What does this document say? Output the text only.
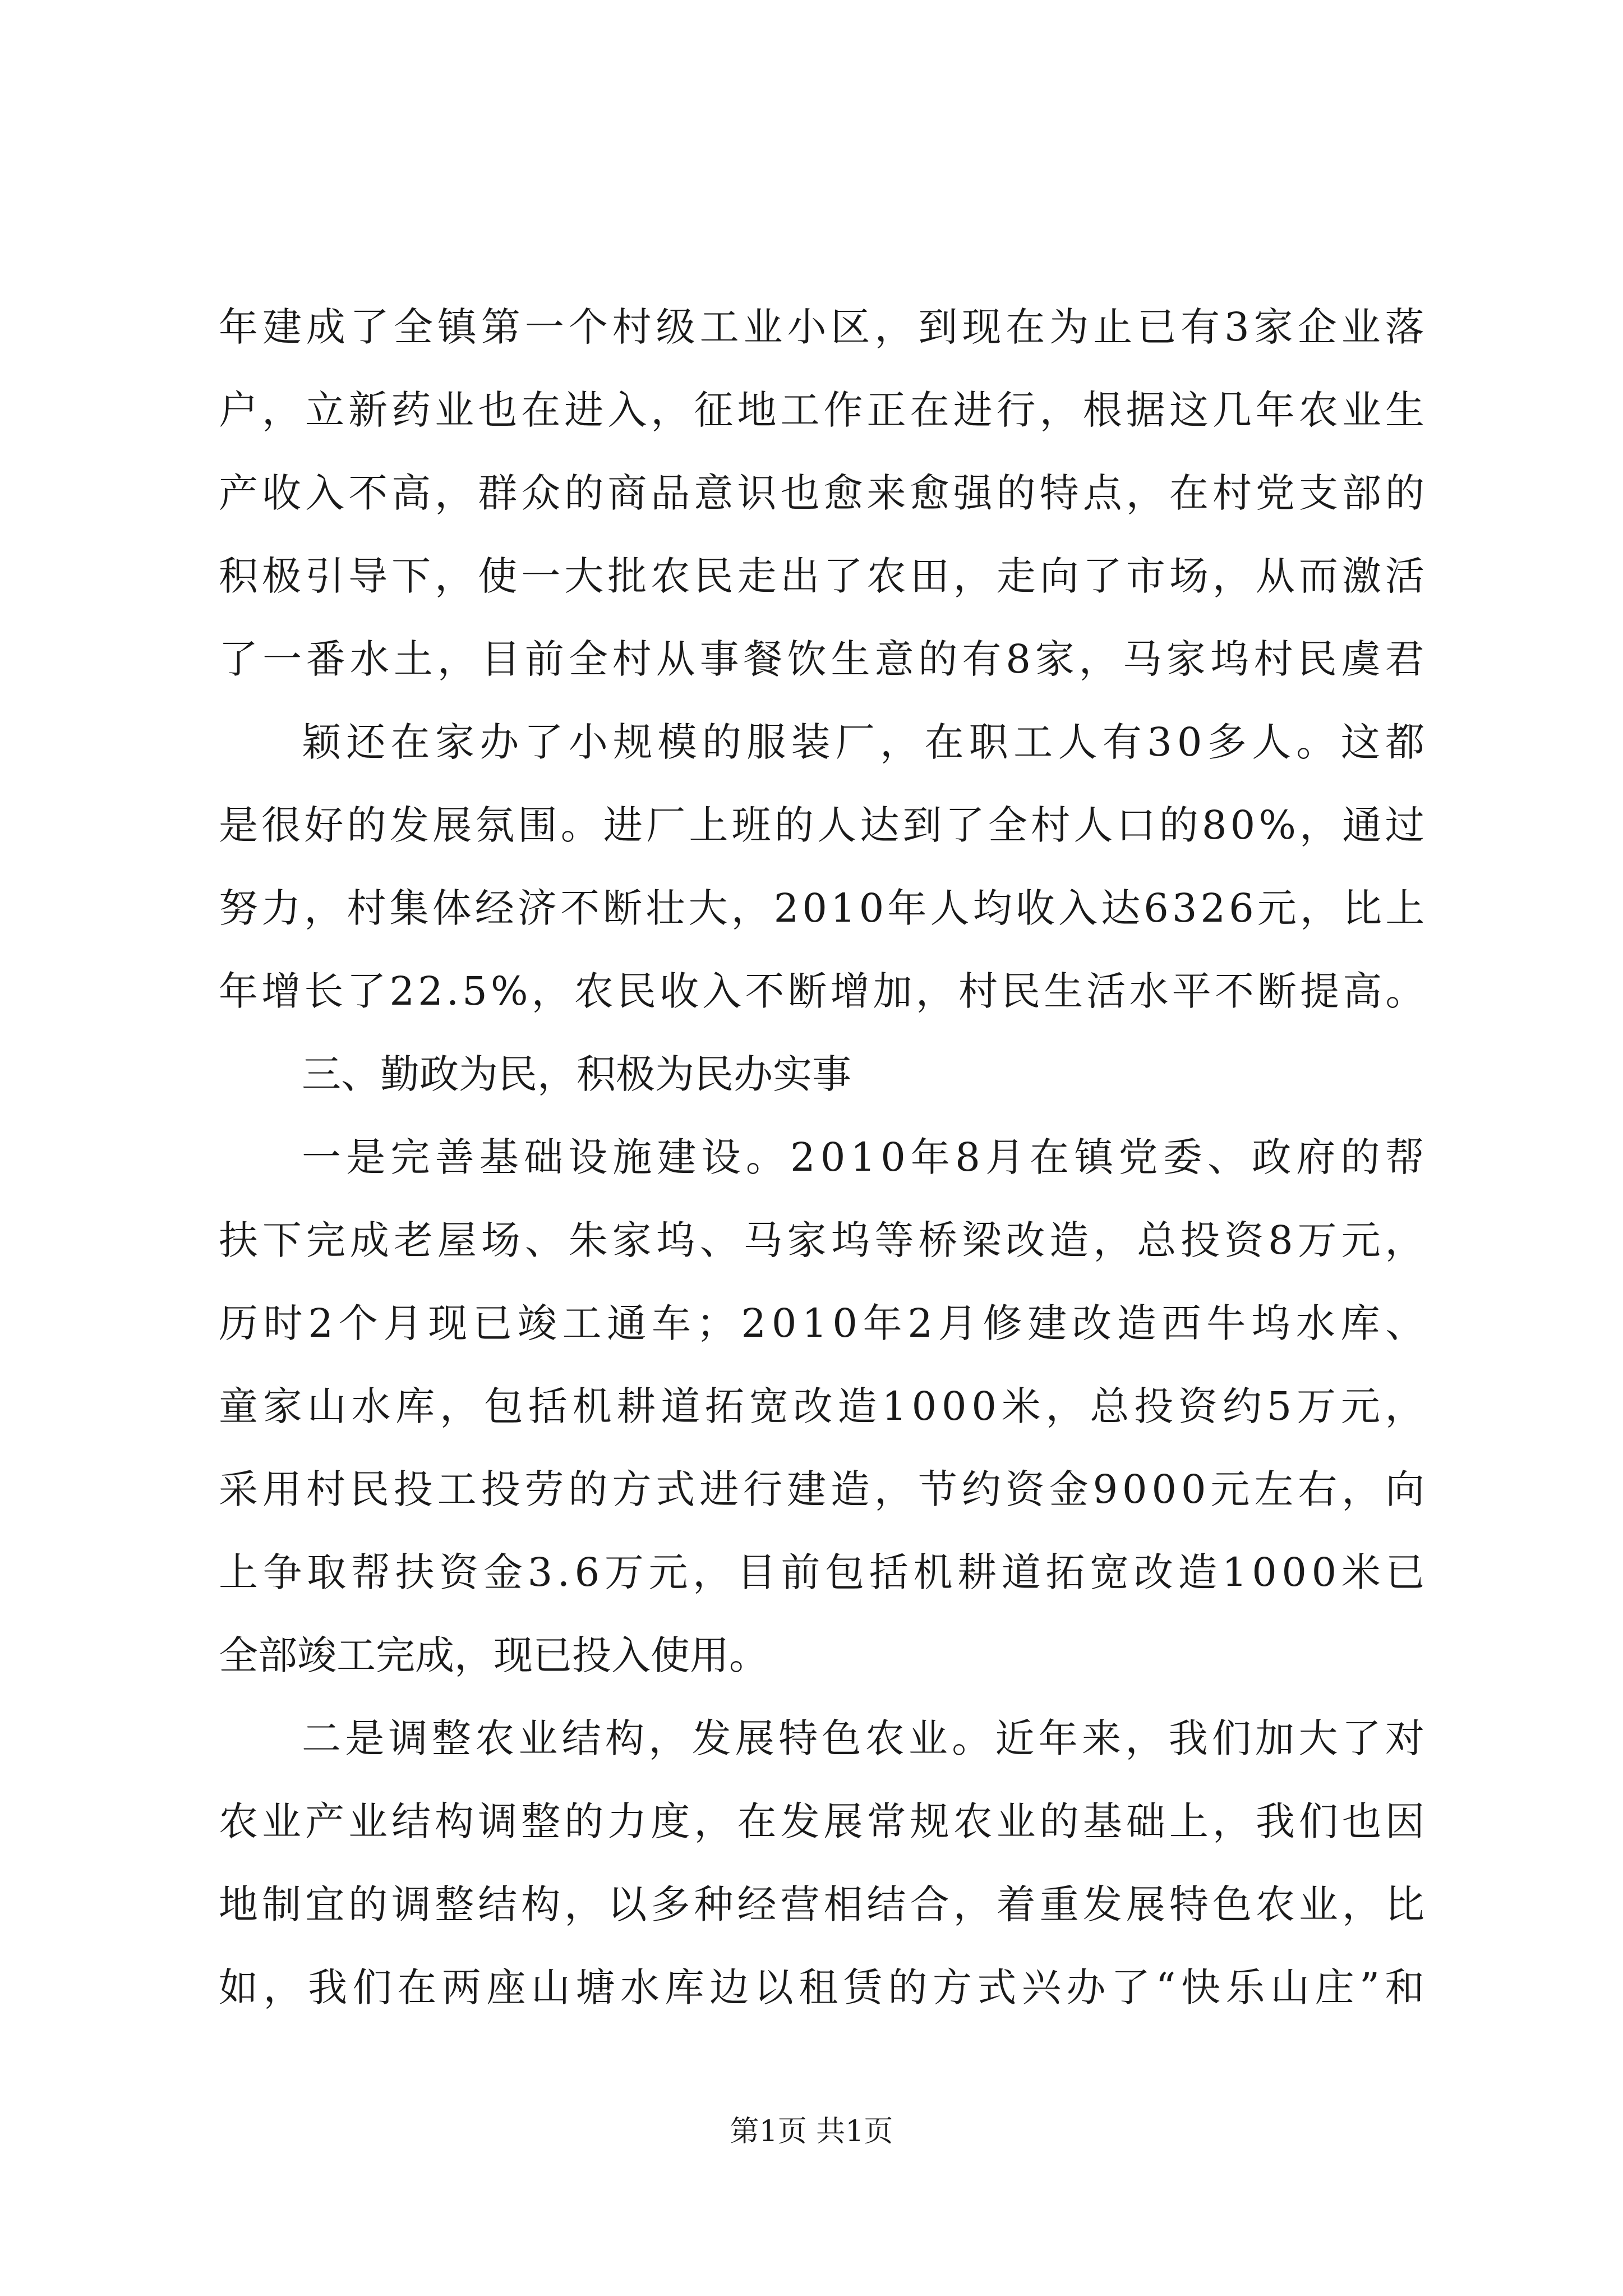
年建成了全镇第一个村级工业小区，到现在为止已有3家企业落
户，立新药业也在进入，征地工作正在进行，根据这几年农业生
产收入不高，群众的商品意识也愈来愈强的特点，在村党支部的
积极引导下，使一大批农民走出了农田，走向了市场，从而激活
了一番水土，目前全村从事餐饮生意的有8家，马家坞村民虞君
颖还在家办了小规模的服装厂，在职工人有30多人。这都
是很好的发展氛围。进厂上班的人达到了全村人口的80%，通过
努力，村集体经济不断壮大，2010年人均收入达6326元，比上
年增长了22.5%，农民收入不断增加，村民生活水平不断提高。
三、勤政为民，积极为民办实事
一是完善基础设施建设。2010年8月在镇党委、政府的帮
扶下完成老屋场、朱家坞、马家坞等桥梁改造，总投资8万元，
历时2个月现已竣工通车；2010年2月修建改造西牛坞水库、
童家山水库，包括机耕道拓宽改造1000米，总投资约5万元，
采用村民投工投劳的方式进行建造，节约资金9000元左右，向
上争取帮扶资金3.6万元，目前包括机耕道拓宽改造1000米已
全部竣工完成，现已投入使用。
二是调整农业结构，发展特色农业。近年来，我们加大了对
农业产业结构调整的力度，在发展常规农业的基础上，我们也因
地制宜的调整结构，以多种经营相结合，着重发展特色农业，比
如，我们在两座山塘水库边以租赁的方式兴办了“快乐山庄”和
第1页 共1页
